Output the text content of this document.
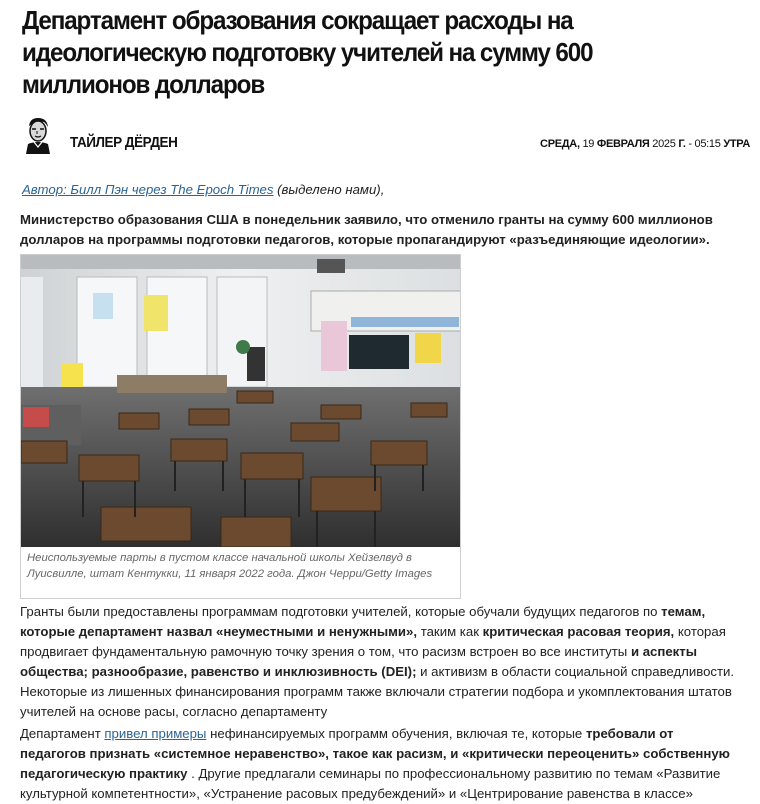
Департамент образования сокращает расходы на идеологическую подготовку учителей на сумму 600 миллионов долларов
ТАЙЛЕР ДЁРДЕН	СРЕДА, 19 ФЕВРАЛЯ 2025 Г. - 05:15 УТРА

Автор: Билл Пэн через The Epoch Times (выделено нами),

Министерство образования США в понедельник заявило, что отменило гранты на сумму 600 миллионов долларов на программы подготовки педагогов, которые пропагандируют «разъединяющие идеологии».

Неиспользуемые парты в пустом классе начальной школы Хейзелвуд в Луисвилле, штат Кентукки, 11 января 2022 года. Джон Черри/Getty Images

Гранты были предоставлены программам подготовки учителей, которые обучали будущих педагогов по темам, которые департамент назвал «неуместными и ненужными», таким как критическая расовая теория, которая продвигает фундаментальную рамочную точку зрения о том, что расизм встроен во все институты и аспекты общества; разнообразие, равенство и инклюзивность (DEI); и активизм в области социальной справедливости. Некоторые из лишенных финансирования программ также включали стратегии подбора и укомплектования штатов учителей на основе расы, согласно департаменту

Департамент привел примеры нефинансируемых программ обучения, включая те, которые требовали от педагогов признать «системное неравенство», такое как расизм, и «критически переоценить» собственную педагогическую практику . Другие предлагали семинары по профессиональному развитию по темам «Развитие культурной компетентности», «Устранение расовых предубеждений» и «Центрирование равенства в классе»
